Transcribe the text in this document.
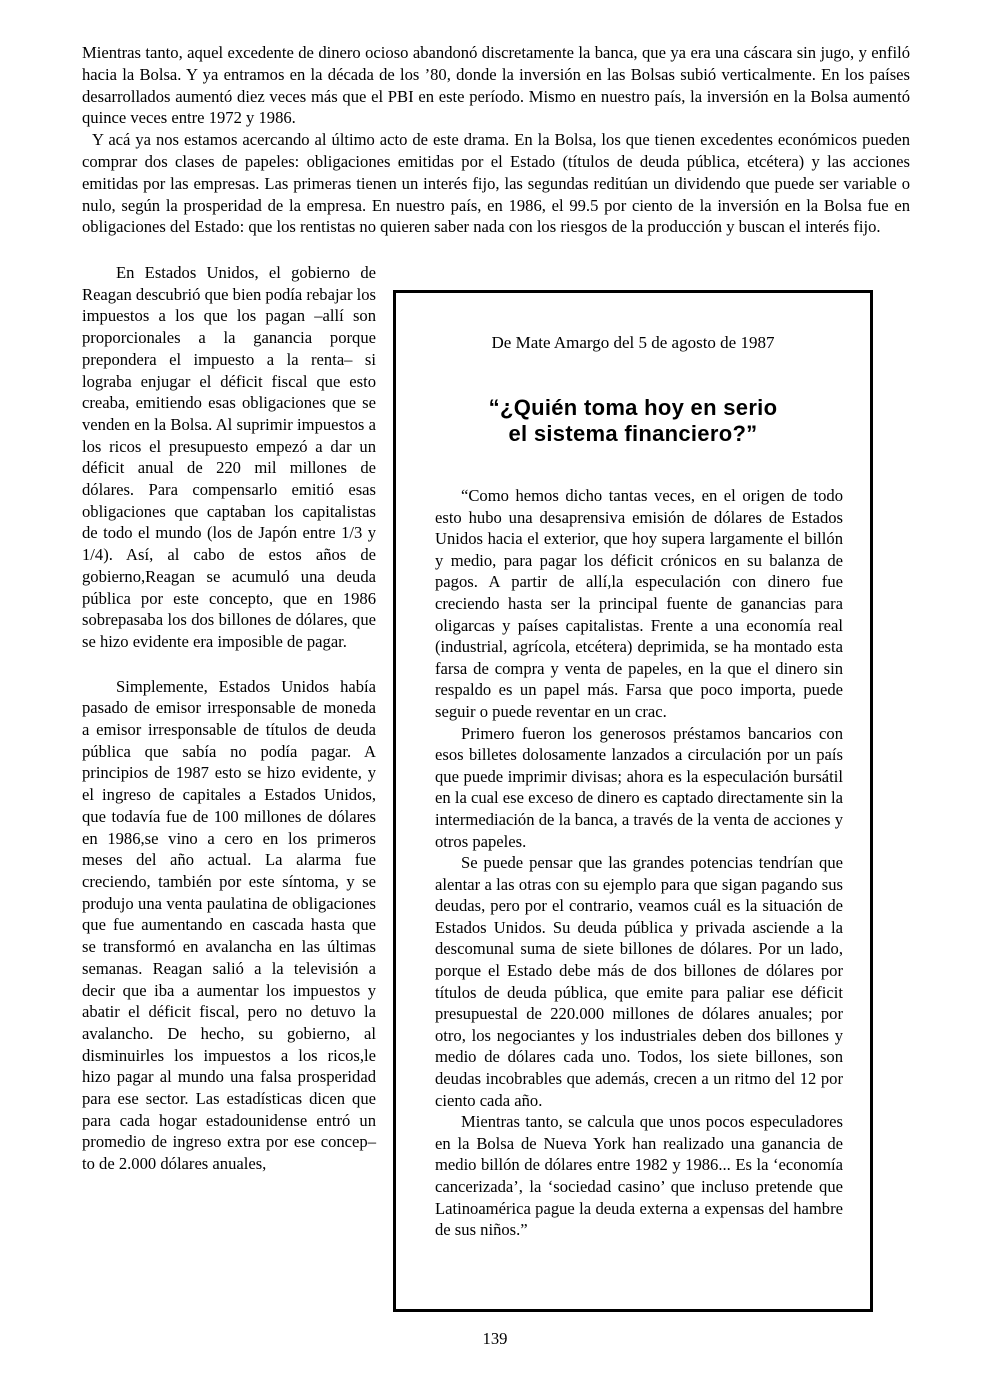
Mientras tanto, aquel excedente de dinero ocioso abandonó discretamente la banca, que ya era una cáscara sin jugo, y enfiló hacia la Bolsa. Y ya entramos en la década de los ’80, donde la inversión en las Bolsas subió verticalmente. En los países desarrollados aumentó diez veces más que el PBI en este período. Mismo en nuestro país, la inversión en la Bolsa aumentó quince veces entre 1972 y 1986.

Y acá ya nos estamos acercando al último acto de este drama. En la Bolsa, los que tienen excedentes económicos pueden comprar dos clases de papeles: obligaciones emitidas por el Estado (títulos de deuda pública, etcétera) y las acciones emitidas por las empresas. Las primeras tienen un interés fijo, las segundas reditúan un dividendo que puede ser variable o nulo, según la prosperidad de la empresa. En nuestro país, en 1986, el 99.5 por ciento de la inversión en la Bolsa fue en obligaciones del Estado: que los rentistas no quieren saber nada con los riesgos de la producción y buscan el interés fijo.

En Estados Unidos, el gobierno de Reagan descubrió que bien podía rebajar los impuestos a los que los pagan –allí son proporcionales a la ganancia porque prepondera el impuesto a la renta– si lograba enjugar el déficit fiscal que esto creaba, emitiendo esas obligaciones que se venden en la Bolsa. Al suprimir impuestos a los ricos el presupuesto empezó a dar un déficit anual de 220 mil millones de dólares. Para compensarlo emitió esas obligaciones que captaban los capitalistas de todo el mundo (los de Japón entre 1/3 y 1/4). Así, al cabo de estos años de gobierno,Reagan se acumuló una deuda pública por este concepto, que en 1986 sobrepasaba los dos billones de dólares, que se hizo evidente era imposible de pagar.

Simplemente, Estados Unidos había pasado de emisor irresponsable de moneda a emisor irresponsable de títulos de deuda pública que sabía no podía pagar. A principios de 1987 esto se hizo evidente, y el ingreso de capitales a Estados Unidos, que todavía fue de 100 millones de dólares en 1986,se vino a cero en los primeros meses del año actual. La alarma fue creciendo, también por este síntoma, y se produjo una venta paulatina de obligaciones que fue aumentando en cascada hasta que se transformó en avalancha en las últimas semanas. Reagan salió a la televisión a decir que iba a aumentar los impuestos y abatir el déficit fiscal, pero no detuvo la avalancho. De hecho, su gobierno, al disminuirles los impuestos a los ricos,le hizo pagar al mundo una falsa prosperidad para ese sector. Las estadísticas dicen que para cada hogar estadounidense entró un promedio de ingreso extra por ese concep–to de 2.000 dólares anuales,

De Mate Amargo del 5 de agosto de 1987
“¿Quién toma hoy en serio
el sistema financiero?”

“Como hemos dicho tantas veces, en el origen de todo esto hubo una desaprensiva emisión de dólares de Estados Unidos hacia el exterior, que hoy supera largamente el billón y medio, para pagar los déficit crónicos en su balanza de pagos. A partir de allí,la especulación con dinero fue creciendo hasta ser la principal fuente de ganancias para oligarcas y países capitalistas. Frente a una economía real (industrial, agrícola, etcétera) deprimida, se ha montado esta farsa de compra y venta de papeles, en la que el dinero sin respaldo es un papel más. Farsa que poco importa, puede seguir o puede reventar en un crac.

Primero fueron los generosos préstamos bancarios con esos billetes dolosamente lanzados a circulación por un país que puede imprimir divisas; ahora es la especulación bursátil en la cual ese exceso de dinero es captado directamente sin la intermediación de la banca, a través de la venta de acciones y otros papeles.

Se puede pensar que las grandes potencias tendrían que alentar a las otras con su ejemplo para que sigan pagando sus deudas, pero por el contrario, veamos cuál es la situación de Estados Unidos. Su deuda pública y privada asciende a la descomunal suma de siete billones de dólares. Por un lado, porque el Estado debe más de dos billones de dólares por títulos de deuda pública, que emite para paliar ese déficit presupuestal de 220.000 millones de dólares anuales; por otro, los negociantes y los industriales deben dos billones y medio de dólares cada uno. Todos, los siete billones, son deudas incobrables que además, crecen a un ritmo del 12 por ciento cada año.

Mientras tanto, se calcula que unos pocos especuladores en la Bolsa de Nueva York han realizado una ganancia de medio billón de dólares entre 1982 y 1986... Es la ‘economía cancerizada’, la ‘sociedad casino’ que incluso pretende que Latinoamérica pague la deuda externa a expensas del hambre de sus niños.”

139
